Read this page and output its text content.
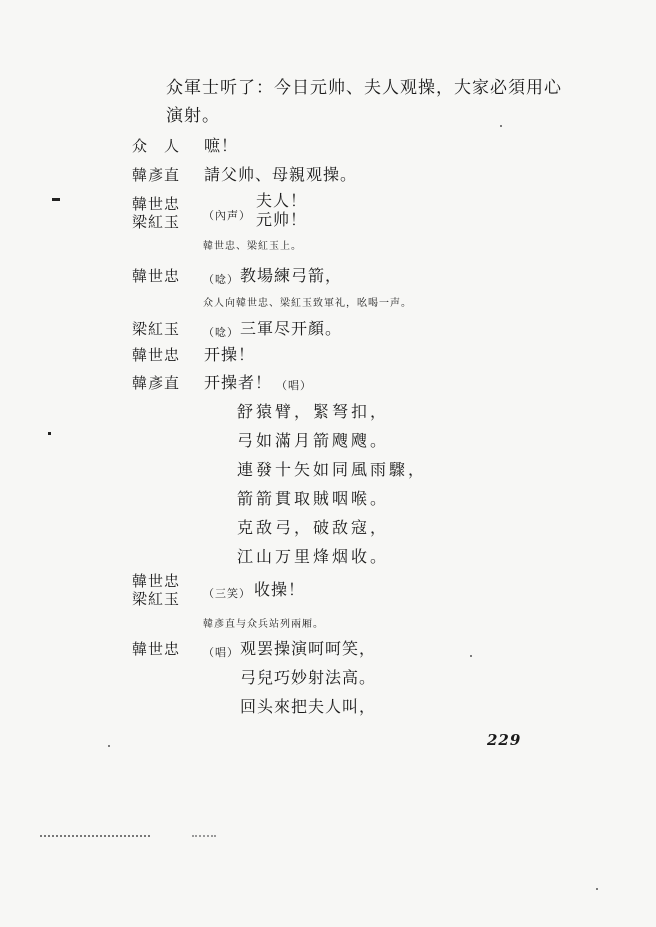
众軍士听了：今日元帅、夫人观操，大家必須用心
演射。
众　人 嗻！
韓彥直 請父帅、母親观操。
韓世忠
梁紅玉 （內声）
夫人！
元帅！
韓世忠、梁紅玉上。
韓世忠 （唸） 教場練弓箭，
众人向韓世忠、梁紅玉致軍礼，吆喝一声。
梁紅玉 （唸） 三軍尽开顏。
韓世忠 开操！
韓彥直 开操者！ （唱）
舒猿臂，緊弩扣，
弓如滿月箭飕飕。
連發十矢如同風雨驟，
箭箭貫取賊咽喉。
克敌弓，破敌寇，
江山万里烽烟收。
韓世忠
梁紅玉 （三笑） 收操！
韓彥直与众兵站列兩厢。
韓世忠 （唱） 观罢操演呵呵笑，
弓兒巧妙射法高。
回头來把夫人叫，
229
